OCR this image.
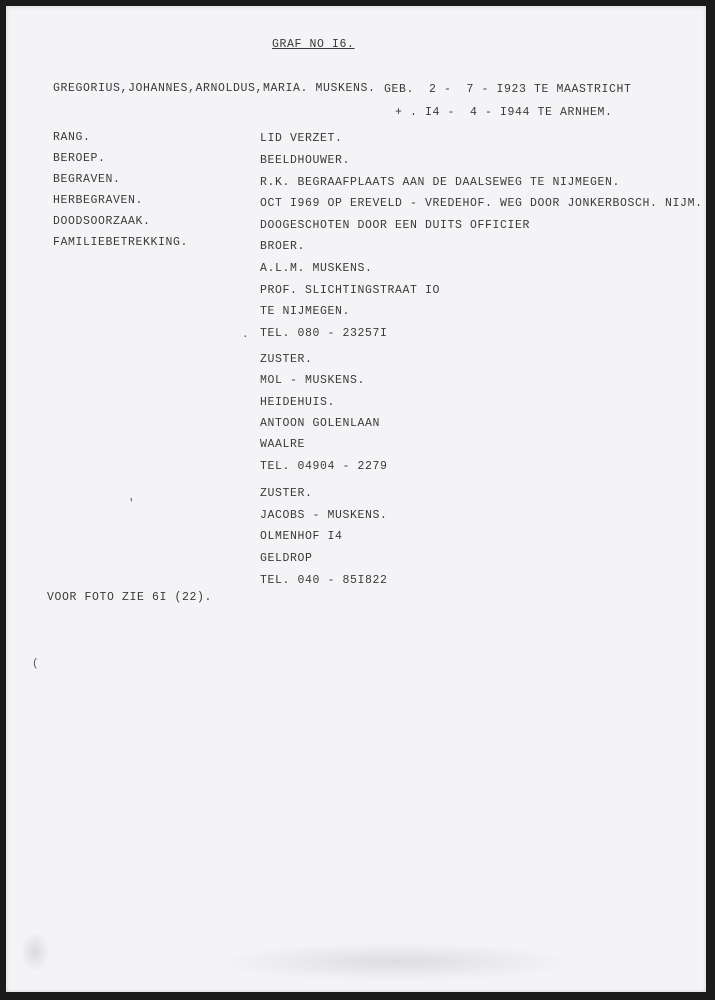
GRAF NO I6.
GREGORIUS,JOHANNES,ARNOLDUS,MARIA. MUSKENS. GEB.  2 -  7 - I923 TE MAASTRICHT
+ . I4 -  4 - I944 TE ARNHEM.
RANG.	LID VERZET.
BEROEP.	BEELDHOUWER.
BEGRAVEN.	R.K. BEGRAAFPLAATS AAN DE DAALSEWEG TE NIJMEGEN.
HERBEGRAVEN.	OCT I969 OP EREVELD - VREDEHOF. WEG DOOR JONKERBOSCH. NIJM.
DOODSOORZAAK.	DOOGESCHOTEN DOOR EEN DUITS OFFICIER
FAMILIEBETREKKING.	BROER.
A.L.M. MUSKENS.
PROF. SLICHTINGSTRAAT IO
TE NIJMEGEN.
TEL. 080 - 23257I
ZUSTER.
MOL - MUSKENS.
HEIDEHUIS.
ANTOON GOLENLAAN
WAALRE
TEL. 04904 - 2279
ZUSTER.
JACOBS - MUSKENS.
OLMENHOF I4
GELDROP
TEL. 040 - 85I822
VOOR FOTO ZIE 6I (22).
.
'
(
